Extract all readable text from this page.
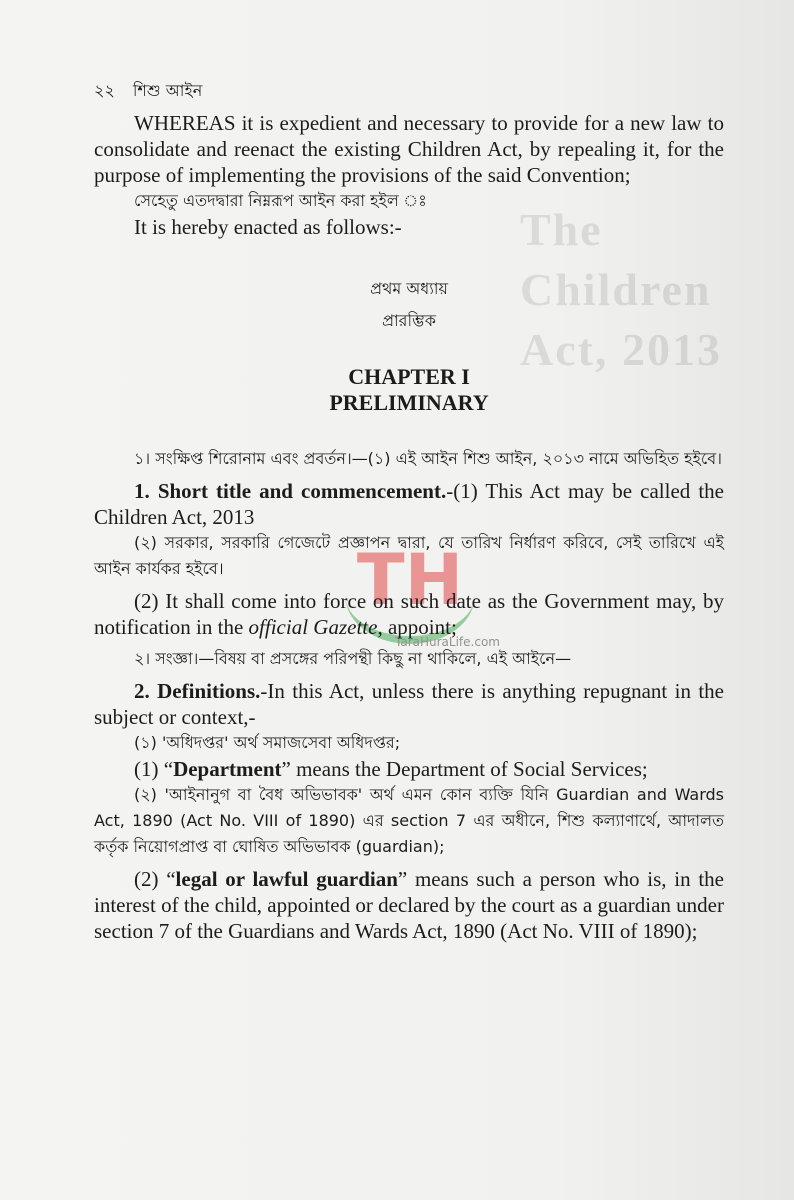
The Children Act, 2013
TH
TaraHuraLife.com
২২ শিশু আইন

WHEREAS it is expedient and necessary to provide for a new law to consolidate and reenact the existing Children Act, by repealing it, for the purpose of implementing the provisions of the said Convention;

সেহেতু এতদদ্বারা নিম্নরূপ আইন করা হইল ঃ

It is hereby enacted as follows:-

প্রথম অধ্যায়
প্রারম্ভিক
CHAPTER I
PRELIMINARY

১। সংক্ষিপ্ত শিরোনাম এবং প্রবর্তন।—(১) এই আইন শিশু আইন, ২০১৩ নামে অভিহিত হইবে।

1. Short title and commencement.-(1) This Act may be called the Children Act, 2013

(২) সরকার, সরকারি গেজেটে প্রজ্ঞাপন দ্বারা, যে তারিখ নির্ধারণ করিবে, সেই তারিখে এই আইন কার্যকর হইবে।

(2) It shall come into force on such date as the Government may, by notification in the official Gazette, appoint;

২। সংজ্ঞা।—বিষয় বা প্রসঙ্গের পরিপন্থী কিছু না থাকিলে, এই আইনে—

2. Definitions.-In this Act, unless there is anything repugnant in the subject or context,-

(১) 'অধিদপ্তর' অর্থ সমাজসেবা অধিদপ্তর;

(1) “Department” means the Department of Social Services;

(২) 'আইনানুগ বা বৈধ অভিভাবক' অর্থ এমন কোন ব্যক্তি যিনি Guardian and Wards Act, 1890 (Act No. VIII of 1890) এর section 7 এর অধীনে, শিশু কল্যাণার্থে, আদালত কর্তৃক নিয়োগপ্রাপ্ত বা ঘোষিত অভিভাবক (guardian);

(2) “legal or lawful guardian” means such a person who is, in the interest of the child, appointed or declared by the court as a guardian under section 7 of the Guardians and Wards Act, 1890 (Act No. VIII of 1890);
